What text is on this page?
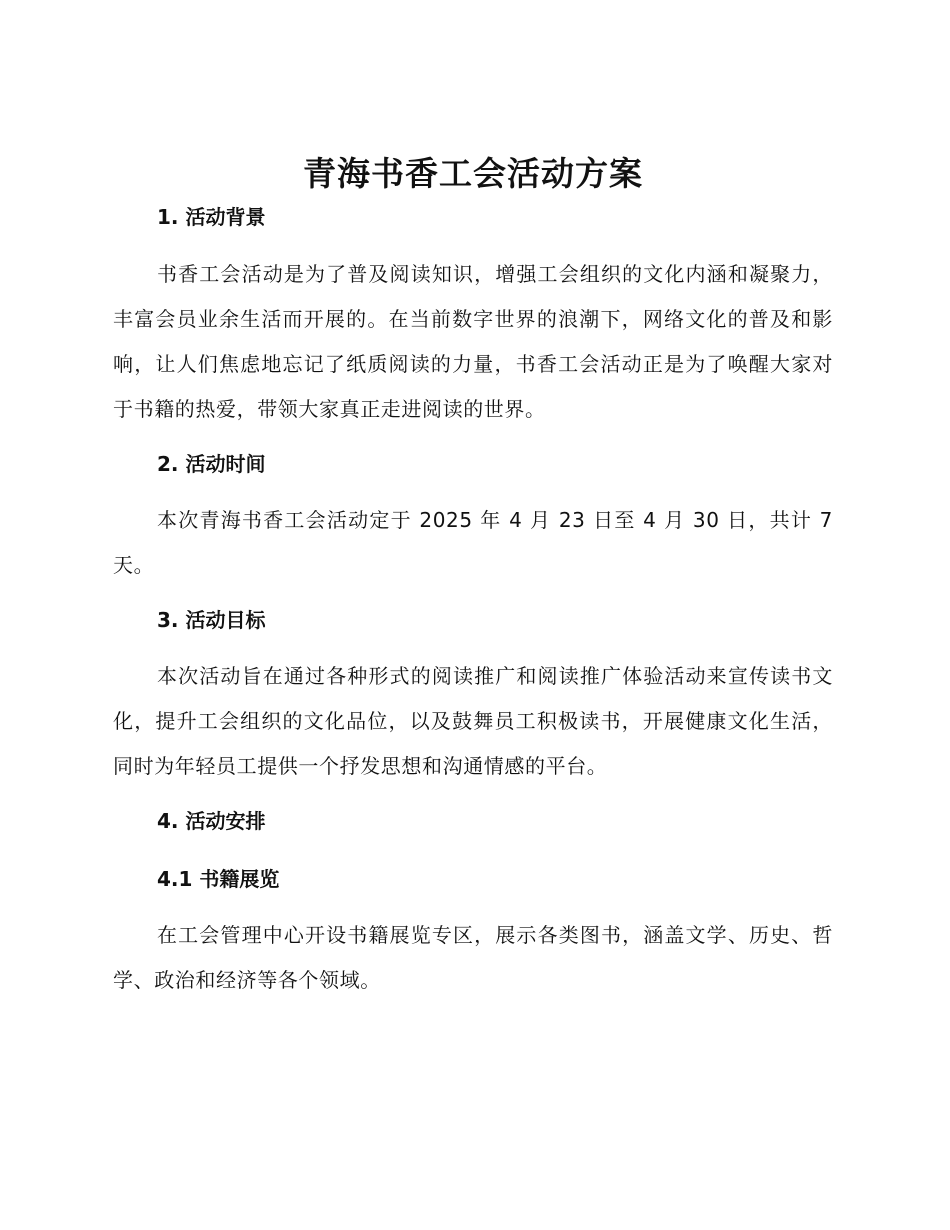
青海书香工会活动方案
1. 活动背景

书香工会活动是为了普及阅读知识，增强工会组织的文化内涵和凝聚力，丰富会员业余生活而开展的。在当前数字世界的浪潮下，网络文化的普及和影响，让人们焦虑地忘记了纸质阅读的力量，书香工会活动正是为了唤醒大家对于书籍的热爱，带领大家真正走进阅读的世界。

2. 活动时间

本次青海书香工会活动定于 2025 年 4 月 23 日至 4 月 30 日，共计 7 天。

3. 活动目标

本次活动旨在通过各种形式的阅读推广和阅读推广体验活动来宣传读书文化，提升工会组织的文化品位，以及鼓舞员工积极读书，开展健康文化生活，同时为年轻员工提供一个抒发思想和沟通情感的平台。

4. 活动安排
4.1 书籍展览

在工会管理中心开设书籍展览专区，展示各类图书，涵盖文学、历史、哲学、政治和经济等各个领域。
